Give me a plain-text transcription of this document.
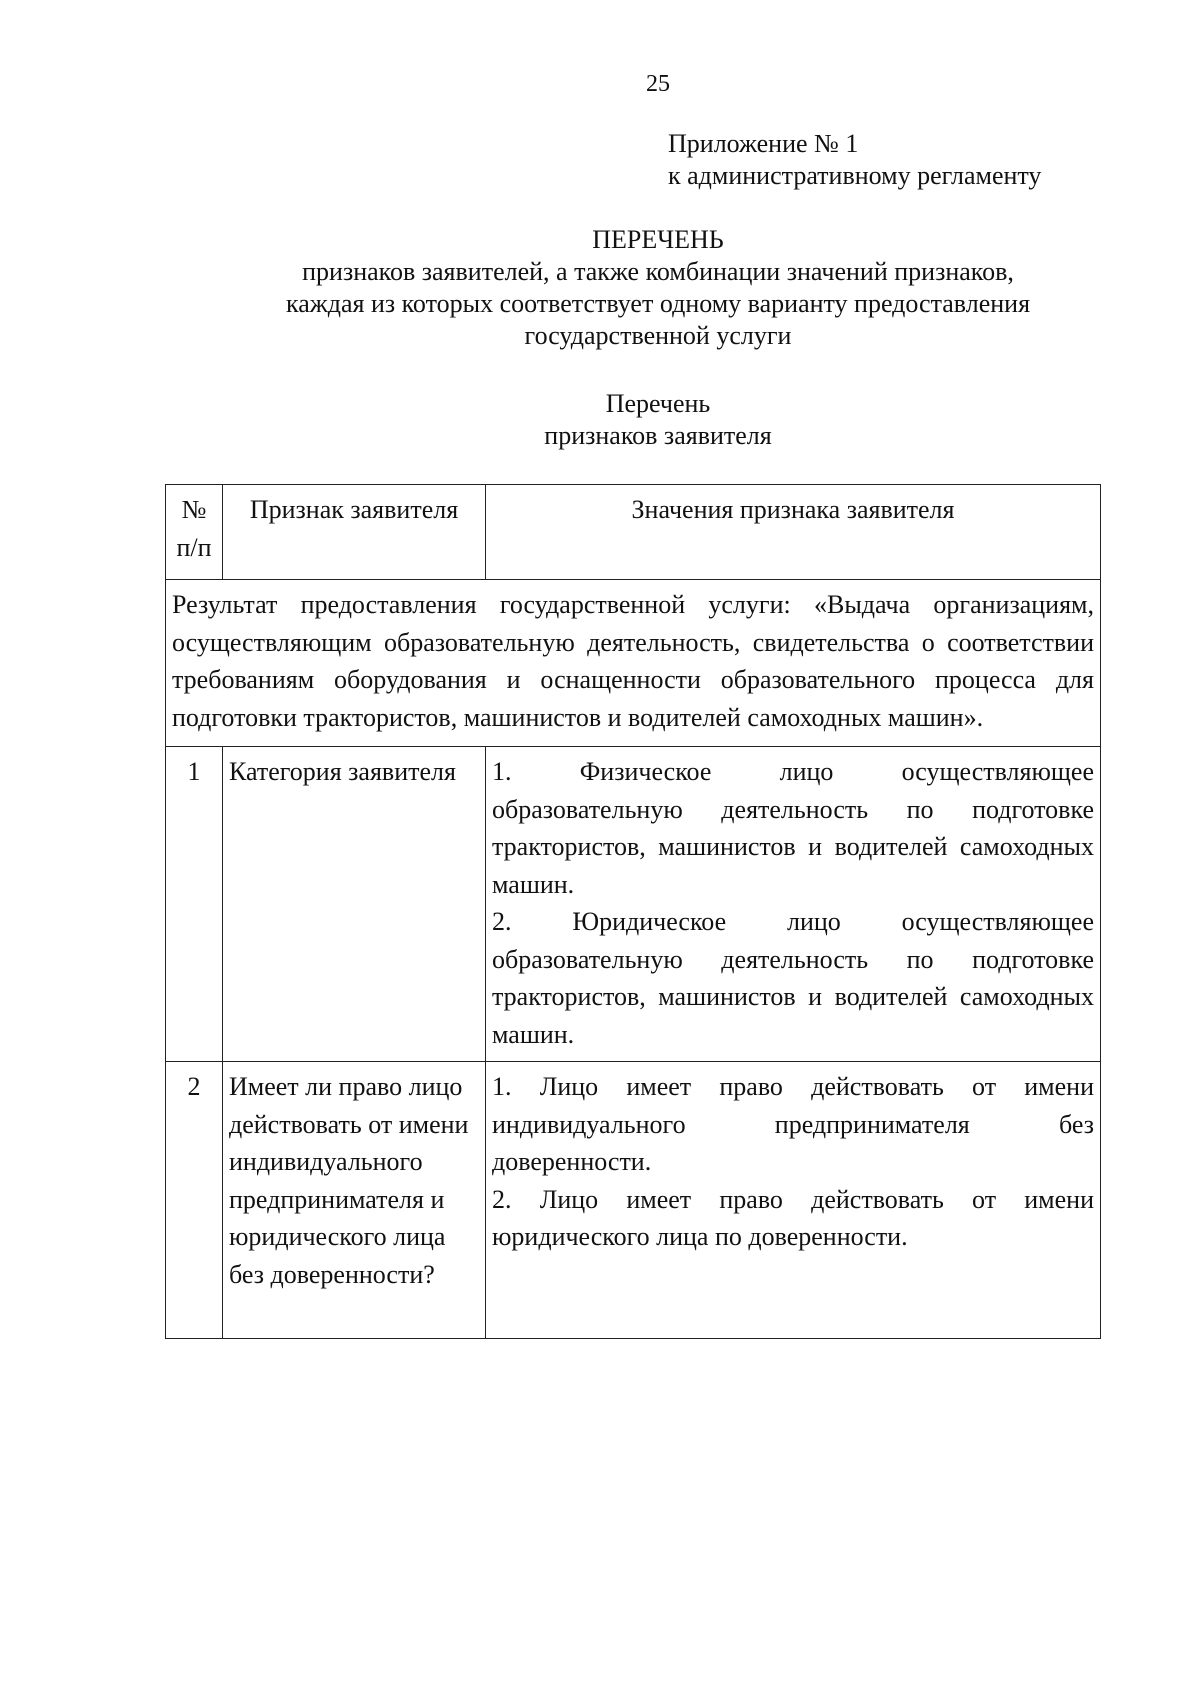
25
Приложение № 1
к административному регламенту
ПЕРЕЧЕНЬ
признаков заявителей, а также комбинации значений признаков,
каждая из которых соответствует одному варианту предоставления
государственной услуги
Перечень
признаков заявителя
№ п/п	Признак заявителя	Значения признака заявителя
Результат предоставления государственной услуги: «Выдача организациям, осуществляющим образовательную деятельность, свидетельства о соответствии требованиям оборудования и оснащенности образовательного процесса для подготовки трактористов, машинистов и водителей самоходных машин».		
1	Категория заявителя	1. Физическое лицо осуществляющее образовательную деятельность по подготовке трактористов, машинистов и водителей самоходных машин.
2. Юридическое лицо осуществляющее образовательную деятельность по подготовке трактористов, машинистов и водителей самоходных машин.

2	Имеет ли право лицо действовать от имени индивидуального предпринимателя и юридического лица без доверенности?	1. Лицо имеет право действовать от имени индивидуального предпринимателя без доверенности.
2. Лицо имеет право действовать от имени юридического лица по доверенности.
